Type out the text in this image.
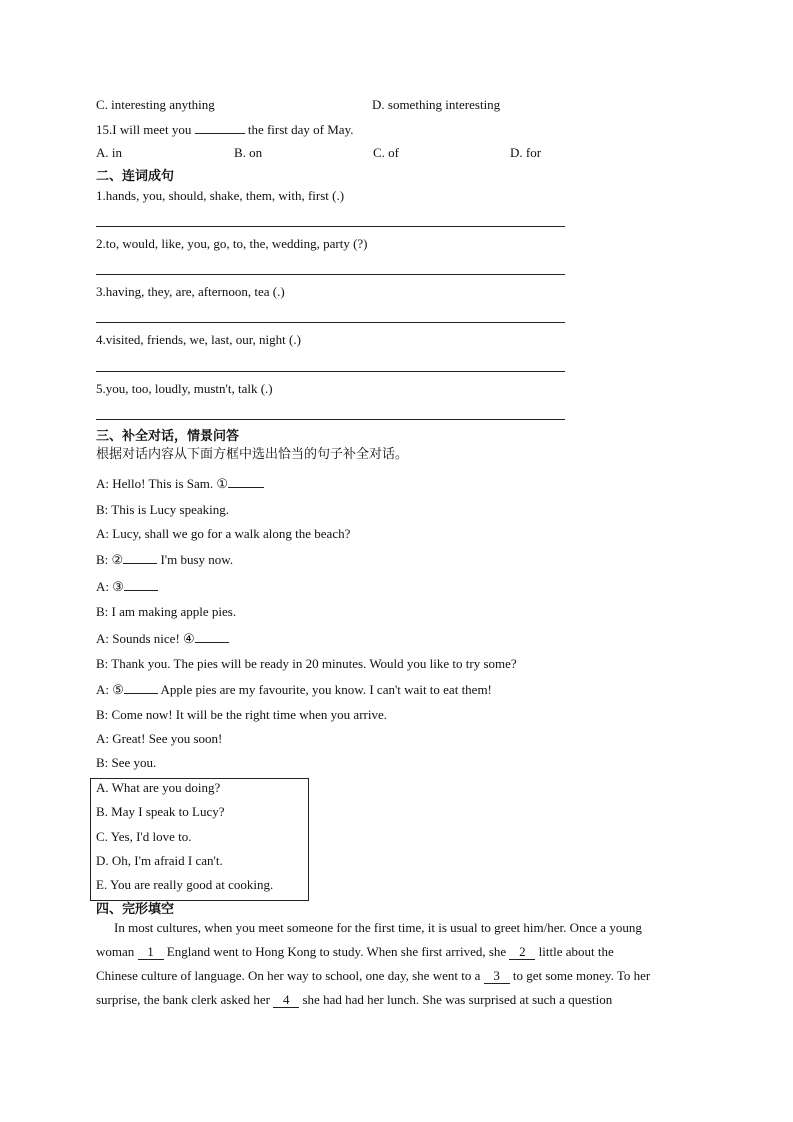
C. interesting anything	D. something interesting
15.I will meet you	the first day of May.
A. in	B. on	C. of	D. for
二、连词成句
1.hands, you, should, shake, them, with, first (.)
2.to, would, like, you, go, to, the, wedding, party (?)
3.having, they, are, afternoon, tea (.)
4.visited, friends, we, last, our, night (.)
5.you, too, loudly, mustn't, talk (.)
三、补全对话，情景问答
根据对话内容从下面方框中选出恰当的句子补全对话。
A: Hello! This is Sam. ①
B: This is Lucy speaking.
A: Lucy, shall we go for a walk along the beach?
B: ②	I'm busy now.
A: ③
B: I am making apple pies.
A: Sounds nice! ④
B: Thank you. The pies will be ready in 20 minutes. Would you like to try some?
A: ⑤	Apple pies are my favourite, you know. I can't wait to eat them!
B: Come now! It will be the right time when you arrive.
A: Great! See you soon!
B: See you.
A. What are you doing?
B. May I speak to Lucy?
C. Yes, I'd love to.
D. Oh, I'm afraid I can't.
E. You are really good at cooking.
四、完形填空
In most cultures, when you meet someone for the first time, it is usual to greet him/her. Once a young
woman 1 England went to Hong Kong to study. When she first arrived, she 2 little about the
Chinese culture of language. On her way to school, one day, she went to a 3 to get some money. To her
surprise, the bank clerk asked her 4 she had had her lunch. She was surprised at such a question
